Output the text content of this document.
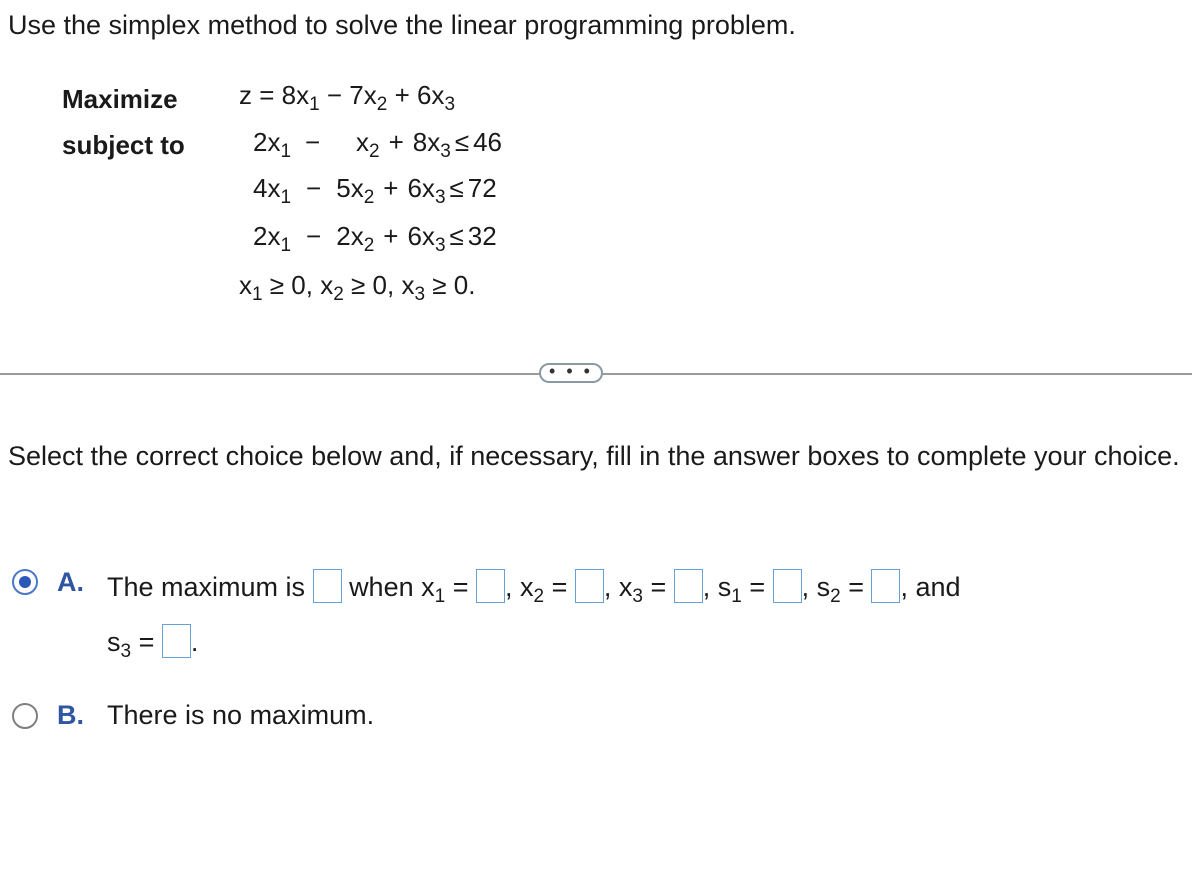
Use the simplex method to solve the linear programming problem.
Maximize
subject to
$z = 8x_1 - 7x_2 + 6x_3$
$2x_1 - x_2 + 8x_3 \le 46$
$4x_1 - 5x_2 + 6x_3 \le 72$
$2x_1 - 2x_2 + 6x_3 \le 32$
$x_1 \ge 0$, $x_2 \ge 0$, $x_3 \ge 0$.
• • •
Select the correct choice below and, if necessary, fill in the answer boxes to complete your choice.
A. The maximum is when $x_1$ = , $x_2$ = , $x_3$ = , $s_1$ = , $s_2$ = , and
$s_3$ = .
B. There is no maximum.
